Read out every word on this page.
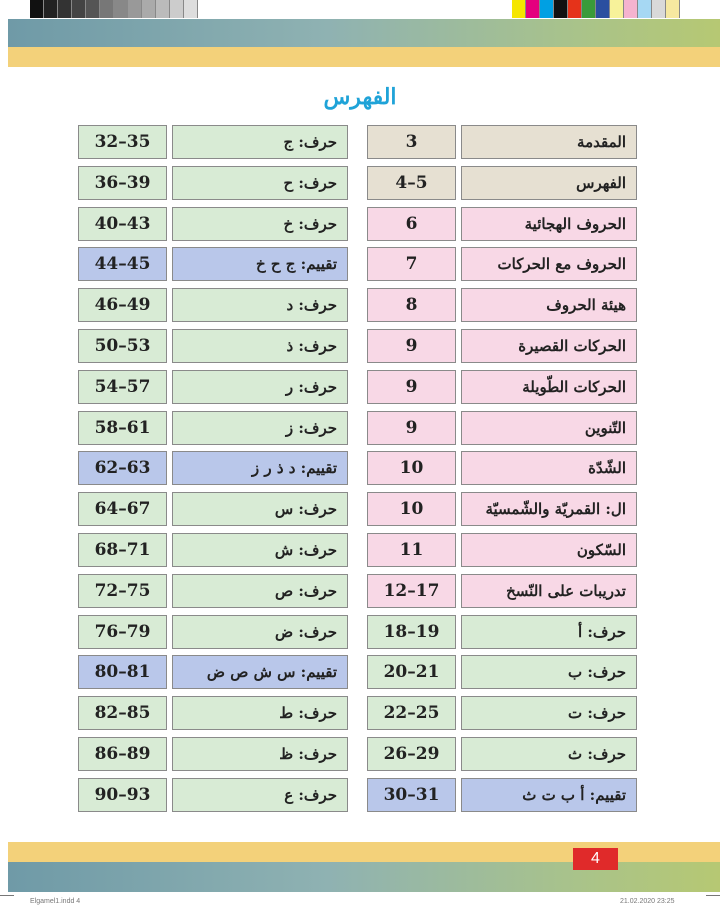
الفهرس
3	المقدمة
4–5	الفهرس
6	الحروف الهجائية
7	الحروف مع الحركات
8	هيئة الحروف
9	الحركات القصيرة
9	الحركات الطّويلة
9	التّنوين
10	الشّدّة
10	ال: القمريّة والشّمسيّة
11	السّكون
12–17	تدريبات على النّسخ
18–19	حرف: أ
20–21	حرف: ب
22–25	حرف: ت
26–29	حرف: ث
30–31	تقييم: أ ب ت ث
32–35	حرف: ج
36–39	حرف: ح
40–43	حرف: خ
44–45	تقييم: ج ح خ
46–49	حرف: د
50–53	حرف: ذ
54–57	حرف: ر
58–61	حرف: ز
62–63	تقييم: د ذ ر ز
64–67	حرف: س
68–71	حرف: ش
72–75	حرف: ص
76–79	حرف: ض
80–81	تقييم: س ش ص ض
82–85	حرف: ط
86–89	حرف: ظ
90–93	حرف: ع
4
Elgamel1.indd 4	21.02.2020 23:25
